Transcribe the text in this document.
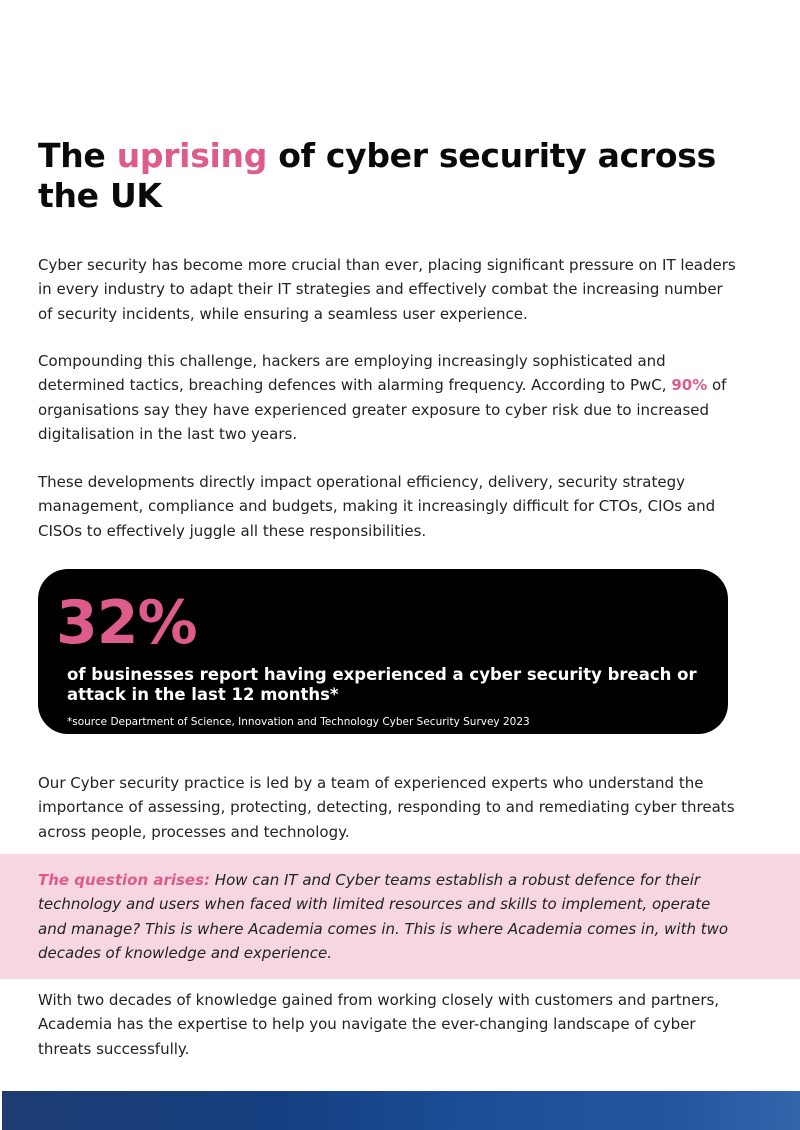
The uprising of cyber security across the UK

Cyber security has become more crucial than ever, placing significant pressure on IT leaders in every industry to adapt their IT strategies and effectively combat the increasing number of security incidents, while ensuring a seamless user experience.

Compounding this challenge, hackers are employing increasingly sophisticated and determined tactics, breaching defences with alarming frequency. According to PwC, 90% of organisations say they have experienced greater exposure to cyber risk due to increased digitalisation in the last two years.

These developments directly impact operational efficiency, delivery, security strategy management, compliance and budgets, making it increasingly difficult for CTOs, CIOs and CISOs to effectively juggle all these responsibilities.

32%
of businesses report having experienced a cyber security breach or attack in the last 12 months*
*source Department of Science, Innovation and Technology Cyber Security Survey 2023

Our Cyber security practice is led by a team of experienced experts who understand the importance of assessing, protecting, detecting, responding to and remediating cyber threats across people, processes and technology.

The question arises: How can IT and Cyber teams establish a robust defence for their technology and users when faced with limited resources and skills to implement, operate and manage? This is where Academia comes in. This is where Academia comes in, with two decades of knowledge and experience.

With two decades of knowledge gained from working closely with customers and partners, Academia has the expertise to help you navigate the ever-changing landscape of cyber threats successfully.
